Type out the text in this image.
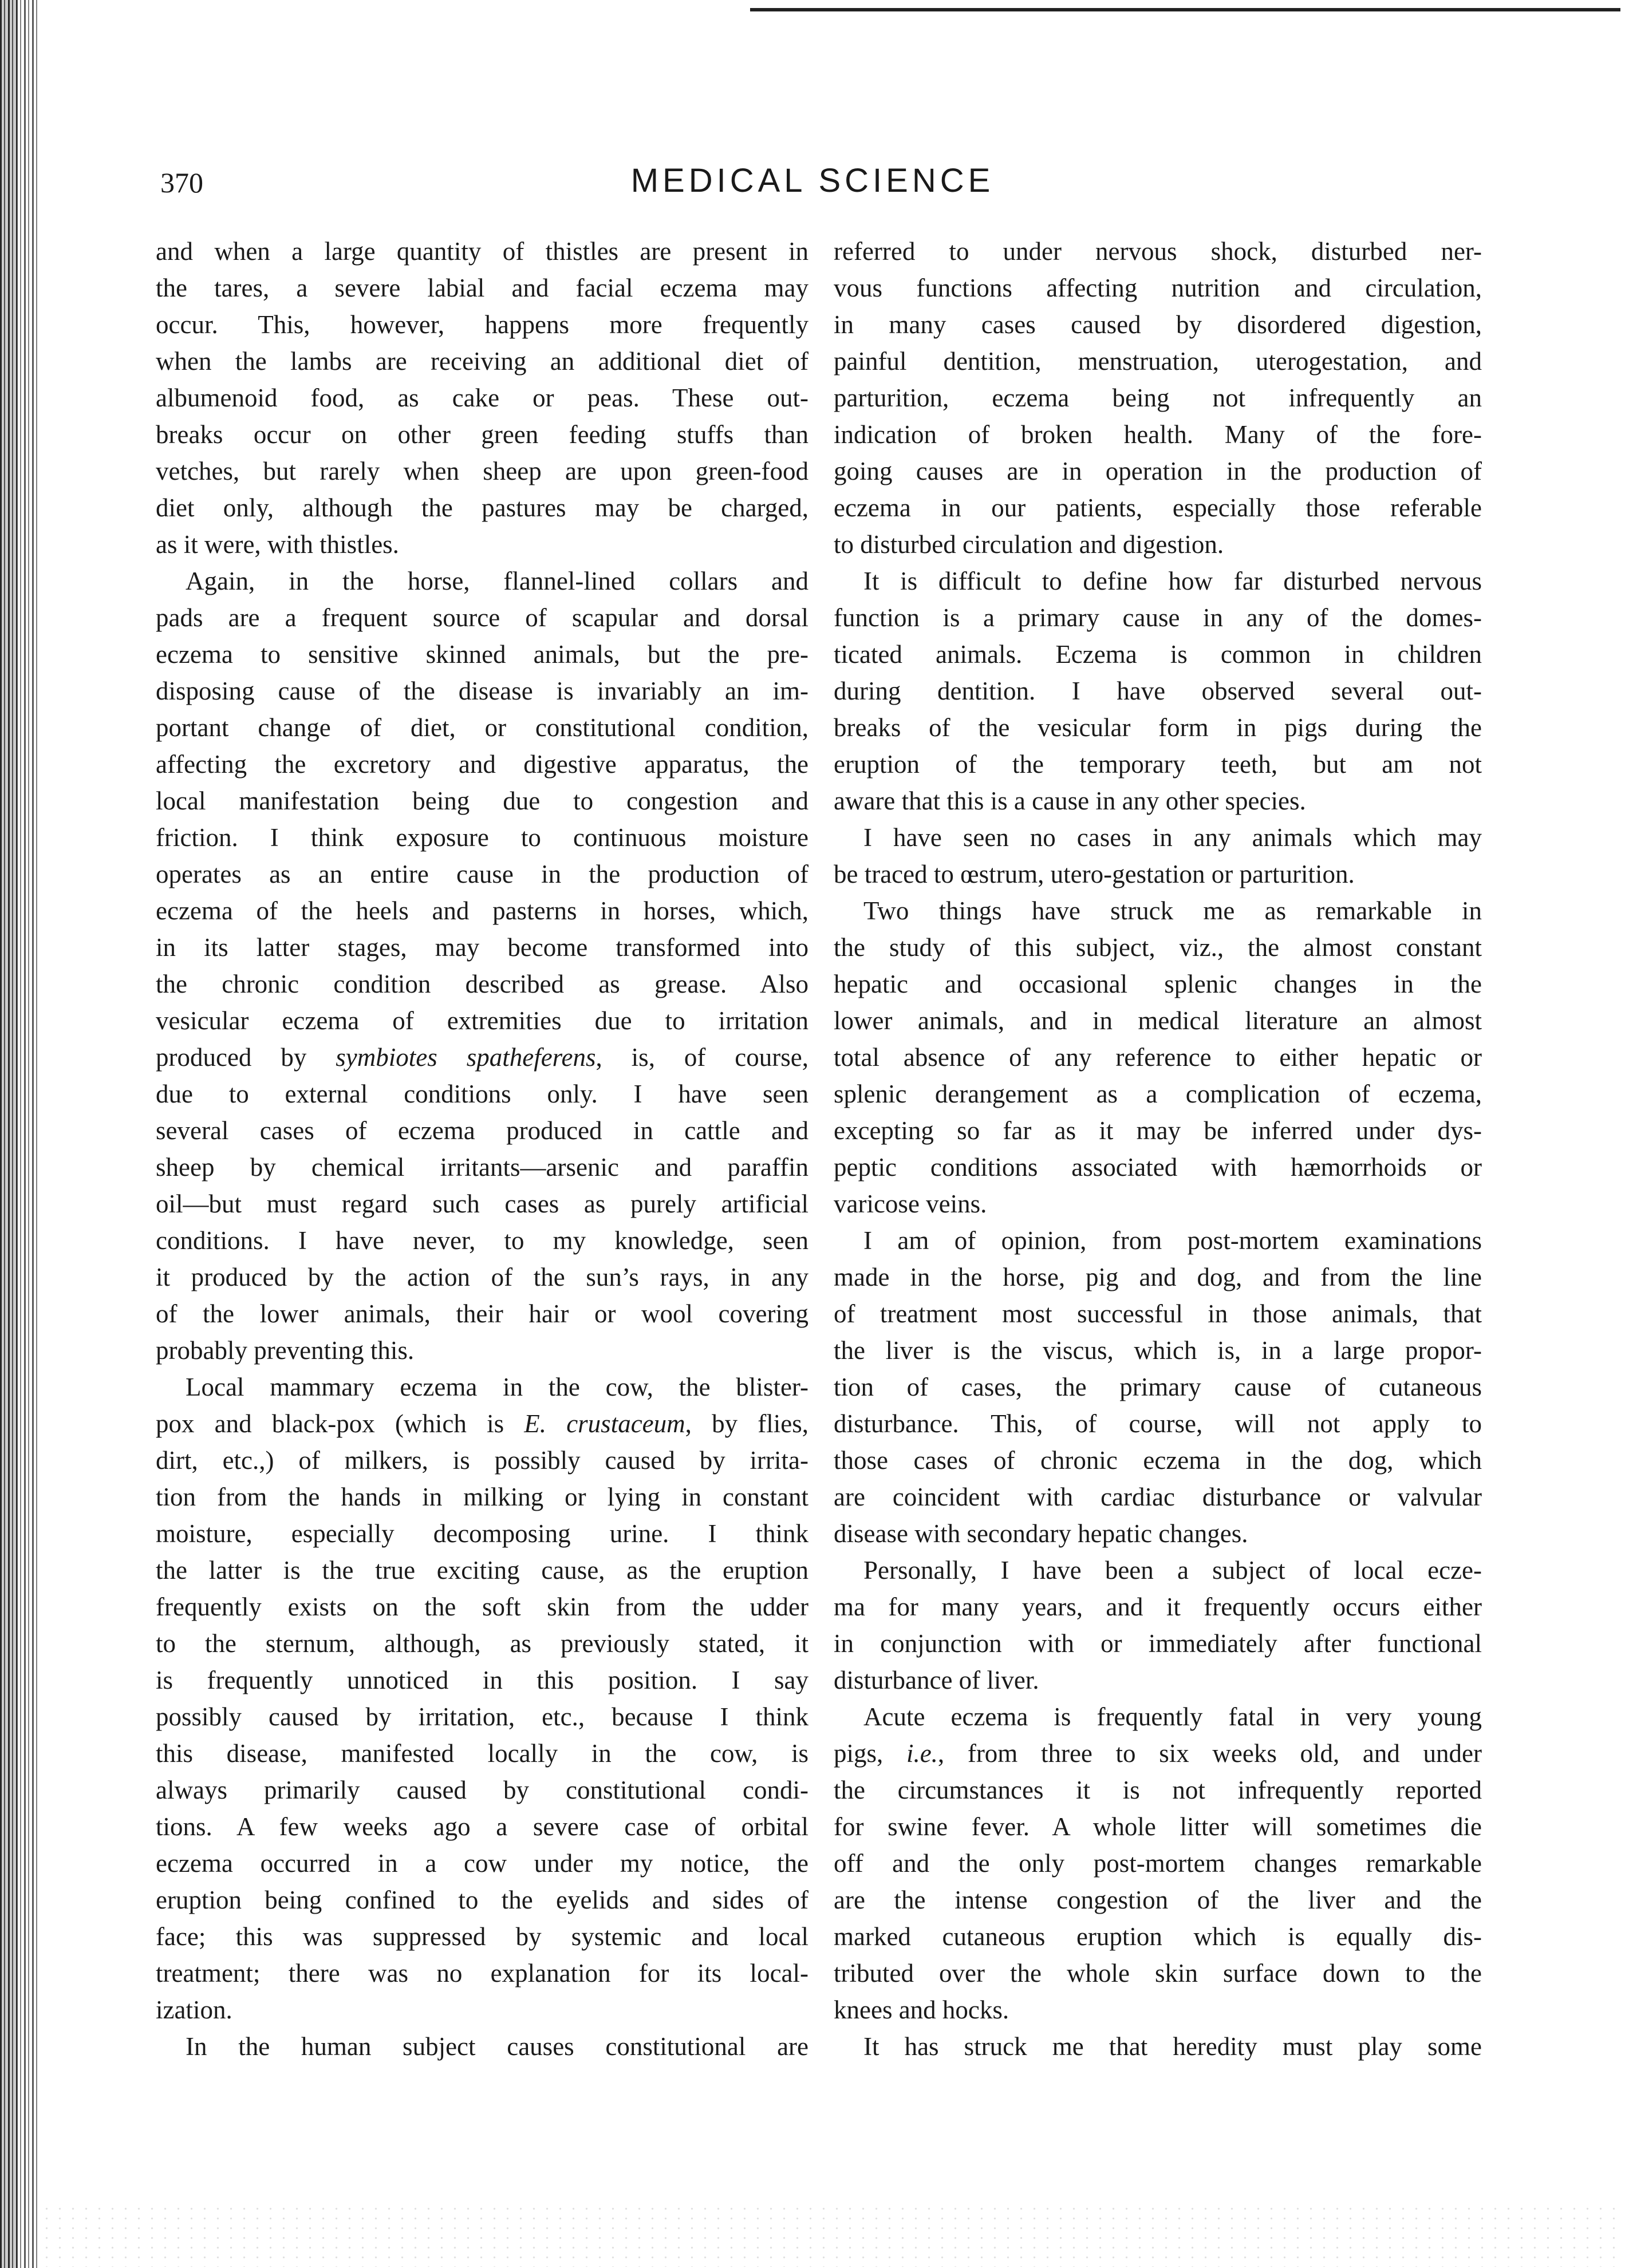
370	MEDICAL SCIENCE
and when a large quantity of thistles are present in
the tares, a severe labial and facial eczema may
occur. This, however, happens more frequently
when the lambs are receiving an additional diet of
albumenoid food, as cake or peas. These out-
breaks occur on other green feeding stuffs than
vetches, but rarely when sheep are upon green-food
diet only, although the pastures may be charged,
as it were, with thistles.
Again, in the horse, flannel-lined collars and
pads are a frequent source of scapular and dorsal
eczema to sensitive skinned animals, but the pre-
disposing cause of the disease is invariably an im-
portant change of diet, or constitutional condition,
affecting the excretory and digestive apparatus, the
local manifestation being due to congestion and
friction. I think exposure to continuous moisture
operates as an entire cause in the production of
eczema of the heels and pasterns in horses, which,
in its latter stages, may become transformed into
the chronic condition described as grease. Also
vesicular eczema of extremities due to irritation
produced by symbiotes spatheferens, is, of course,
due to external conditions only. I have seen
several cases of eczema produced in cattle and
sheep by chemical irritants—arsenic and paraffin
oil—but must regard such cases as purely artificial
conditions. I have never, to my knowledge, seen
it produced by the action of the sun’s rays, in any
of the lower animals, their hair or wool covering
probably preventing this.
Local mammary eczema in the cow, the blister-
pox and black-pox (which is E. crustaceum, by flies,
dirt, etc.,) of milkers, is possibly caused by irrita-
tion from the hands in milking or lying in constant
moisture, especially decomposing urine. I think
the latter is the true exciting cause, as the eruption
frequently exists on the soft skin from the udder
to the sternum, although, as previously stated, it
is frequently unnoticed in this position. I say
possibly caused by irritation, etc., because I think
this disease, manifested locally in the cow, is
always primarily caused by constitutional condi-
tions. A few weeks ago a severe case of orbital
eczema occurred in a cow under my notice, the
eruption being confined to the eyelids and sides of
face; this was suppressed by systemic and local
treatment; there was no explanation for its local-
ization.
In the human subject causes constitutional are
referred to under nervous shock, disturbed ner-
vous functions affecting nutrition and circulation,
in many cases caused by disordered digestion,
painful dentition, menstruation, uterogestation, and
parturition, eczema being not infrequently an
indication of broken health. Many of the fore-
going causes are in operation in the production of
eczema in our patients, especially those referable
to disturbed circulation and digestion.
It is difficult to define how far disturbed nervous
function is a primary cause in any of the domes-
ticated animals. Eczema is common in children
during dentition. I have observed several out-
breaks of the vesicular form in pigs during the
eruption of the temporary teeth, but am not
aware that this is a cause in any other species.
I have seen no cases in any animals which may
be traced to œstrum, utero-gestation or parturition.
Two things have struck me as remarkable in
the study of this subject, viz., the almost constant
hepatic and occasional splenic changes in the
lower animals, and in medical literature an almost
total absence of any reference to either hepatic or
splenic derangement as a complication of eczema,
excepting so far as it may be inferred under dys-
peptic conditions associated with hæmorrhoids or
varicose veins.
I am of opinion, from post-mortem examinations
made in the horse, pig and dog, and from the line
of treatment most successful in those animals, that
the liver is the viscus, which is, in a large propor-
tion of cases, the primary cause of cutaneous
disturbance. This, of course, will not apply to
those cases of chronic eczema in the dog, which
are coincident with cardiac disturbance or valvular
disease with secondary hepatic changes.
Personally, I have been a subject of local ecze-
ma for many years, and it frequently occurs either
in conjunction with or immediately after functional
disturbance of liver.
Acute eczema is frequently fatal in very young
pigs, i.e., from three to six weeks old, and under
the circumstances it is not infrequently reported
for swine fever. A whole litter will sometimes die
off and the only post-mortem changes remarkable
are the intense congestion of the liver and the
marked cutaneous eruption which is equally dis-
tributed over the whole skin surface down to the
knees and hocks.
It has struck me that heredity must play some
